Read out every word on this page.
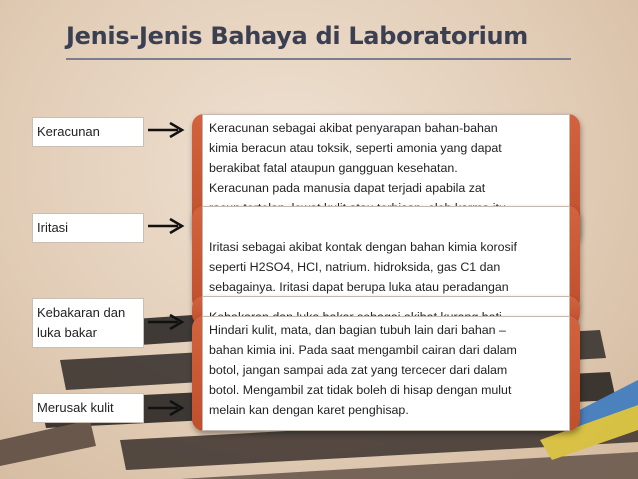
Jenis-Jenis Bahaya di Laboratorium
Keracunan
Iritasi
Kebakaran dan luka bakar
Merusak kulit
Keracunan sebagai akibat penyarapan bahan-bahan
kimia beracun atau toksik, seperti amonia yang dapat
berakibat fatal ataupun gangguan kesehatan.
Keracunan pada manusia dapat terjadi apabila zat
Iritasi sebagai akibat kontak dengan bahan kimia korosif
seperti H2SO4, HCI, natrium. hidroksida, gas C1 dan
sebagainya. Iritasi dapat berupa luka atau peradangan
Hindari kulit, mata, dan bagian tubuh lain dari bahan –
bahan kimia ini. Pada saat mengambil cairan dari dalam
botol, jangan sampai ada zat yang tercecer dari dalam
botol. Mengambil zat tidak boleh di hisap dengan mulut
melain kan dengan karet penghisap.
